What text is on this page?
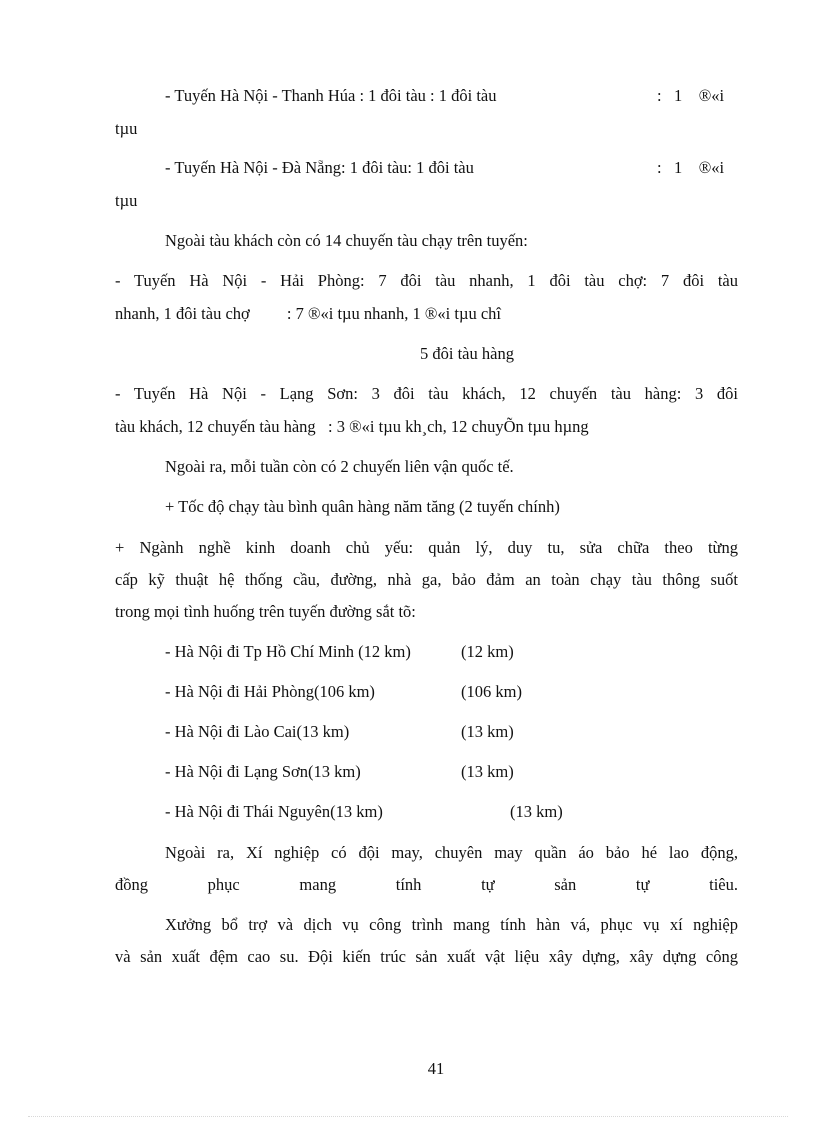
- Tuyến Hà Nội - Thanh Húa : 1 đôi tàu : 1 đôi tàu	:   1    ®«i
tµu
- Tuyến Hà Nội - Đà Nẵng: 1 đôi tàu: 1 đôi tàu	:   1    ®«i
tµu
Ngoài tàu khách còn có 14 chuyến tàu chạy trên tuyến:
- Tuyến Hà Nội - Hải Phòng: 7 đôi tàu nhanh, 1 đôi tàu chợ: 7 đôi tàu
nhanh, 1 đôi tàu chợ         : 7 ®«i tµu nhanh, 1 ®«i tµu chî
5 đôi tàu hàng
- Tuyến Hà Nội - Lạng Sơn: 3 đôi tàu khách, 12 chuyến tàu hàng: 3 đôi
tàu khách, 12 chuyến tàu hàng   : 3 ®«i tµu kh¸ch, 12 chuyÕn tµu hµng
Ngoài ra, mỗi tuần còn có 2 chuyến liên vận quốc tế.
+ Tốc độ chạy tàu bình quân hàng năm tăng (2 tuyến chính)
+ Ngành nghề kinh doanh chủ yếu: quản lý, duy tu, sửa chữa theo từng
cấp kỹ thuật hệ thống cầu, đường, nhà ga, bảo đảm an toàn chạy tàu thông suốt
trong mọi tình huống trên tuyến đường sắt tõ:
- Hà Nội đi Tp Hồ Chí Minh (12 km)	(12 km)
- Hà Nội đi Hải Phòng(106 km)	(106 km)
- Hà Nội đi Lào Cai(13 km)	(13 km)
- Hà Nội đi Lạng Sơn(13 km)	(13 km)
- Hà Nội đi Thái Nguyên(13 km)	(13 km)
Ngoài ra, Xí nghiệp có đội may, chuyên may quần áo bảo hé lao động,
đồng phục mang tính tự sản tự tiêu.
Xưởng bổ trợ và dịch vụ công trình mang tính hàn vá, phục vụ xí nghiệp
và sản xuất đệm cao su. Đội kiến trúc sản xuất vật liệu xây dựng, xây dựng công
41
